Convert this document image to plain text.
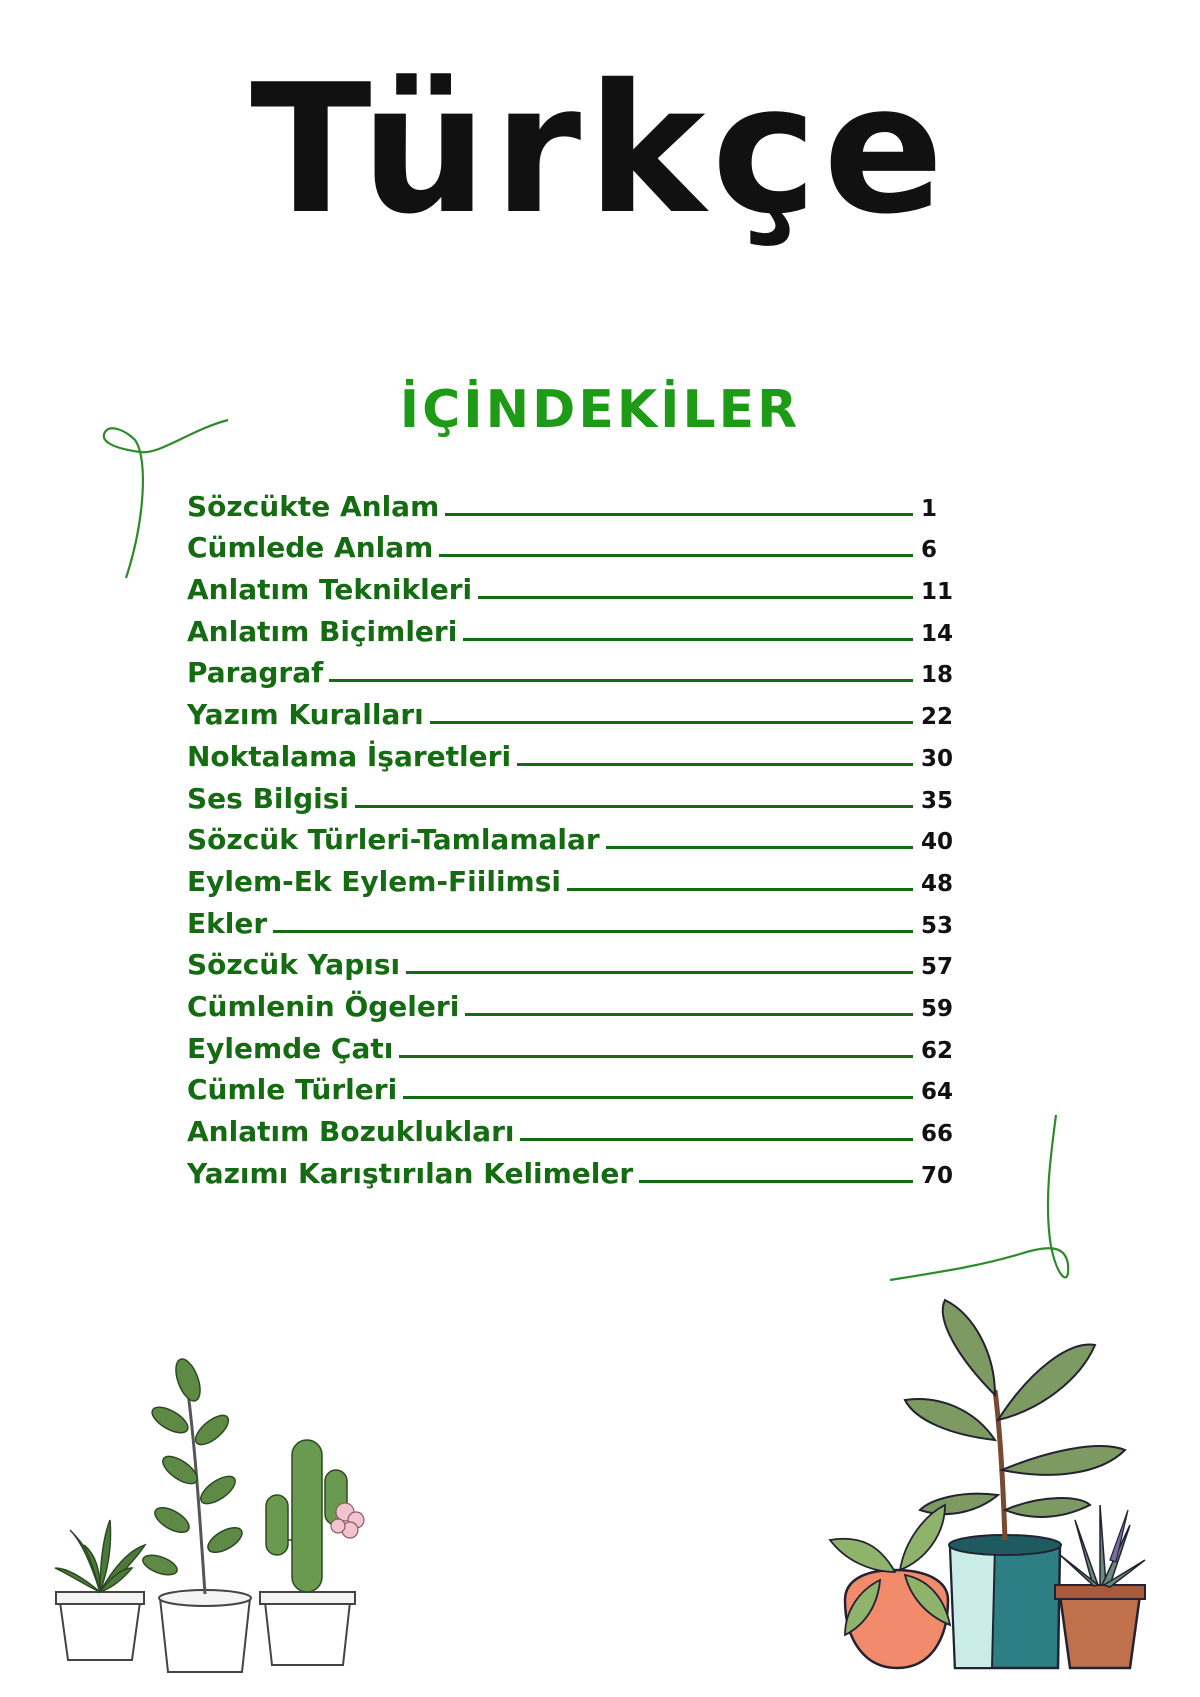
Türkçe
İÇİNDEKİLER
Sözcükte Anlam	1
Cümlede Anlam	6
Anlatım Teknikleri	11
Anlatım Biçimleri	14
Paragraf	18
Yazım Kuralları	22
Noktalama İşaretleri	30
Ses Bilgisi	35
Sözcük Türleri-Tamlamalar	40
Eylem-Ek Eylem-Fiilimsi	48
Ekler	53
Sözcük Yapısı	57
Cümlenin Ögeleri	59
Eylemde Çatı	62
Cümle Türleri	64
Anlatım Bozuklukları	66
Yazımı Karıştırılan Kelimeler	70
